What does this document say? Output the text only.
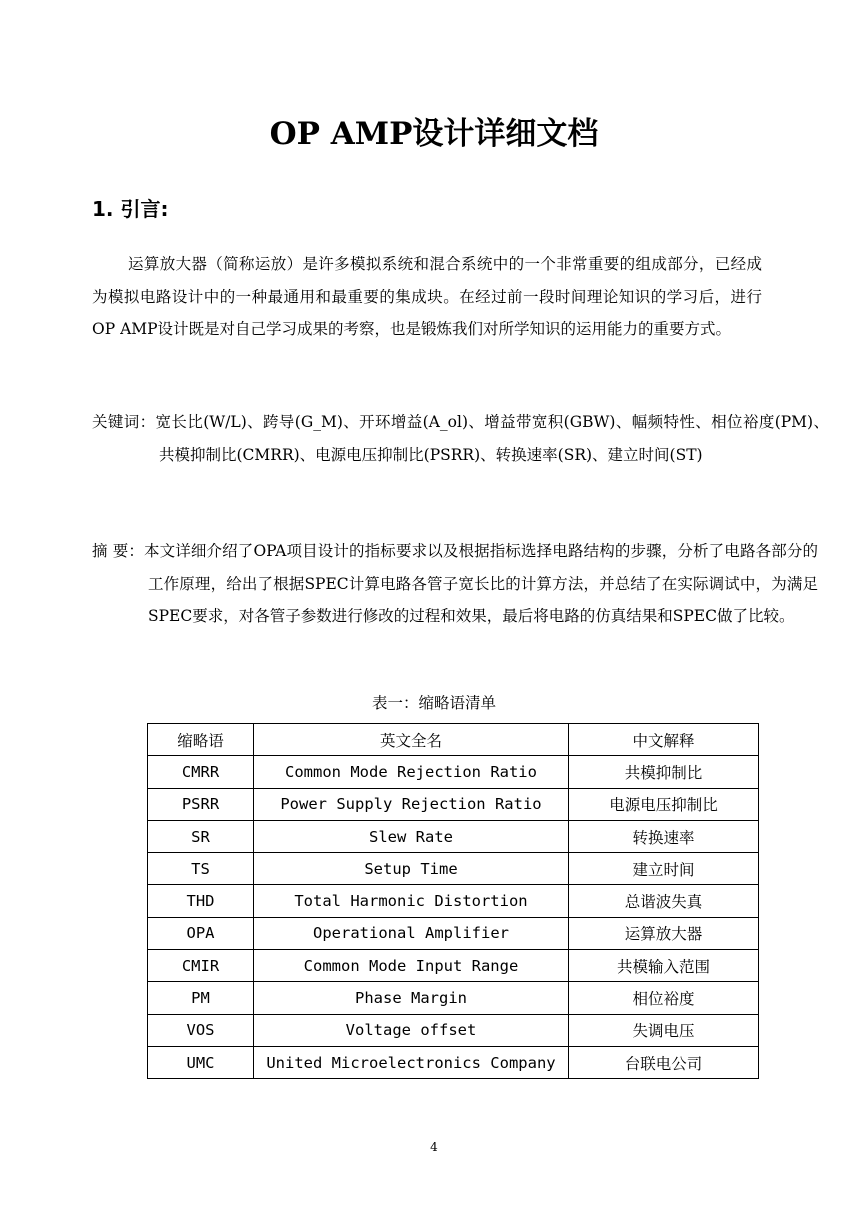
OP AMP设计详细文档
1. 引言:

运算放大器（简称运放）是许多模拟系统和混合系统中的一个非常重要的组成部分，已经成为模拟电路设计中的一种最通用和最重要的集成块。在经过前一段时间理论知识的学习后，进行OP AMP设计既是对自己学习成果的考察，也是锻炼我们对所学知识的运用能力的重要方式。

关键词：宽长比(W/L)、跨导(G_M)、开环增益(A_ol)、增益带宽积(GBW)、幅频特性、相位裕度(PM)、共模抑制比(CMRR)、电源电压抑制比(PSRR)、转换速率(SR)、建立时间(ST)

摘 要：本文详细介绍了OPA项目设计的指标要求以及根据指标选择电路结构的步骤，分析了电路各部分的工作原理，给出了根据SPEC计算电路各管子宽长比的计算方法，并总结了在实际调试中，为满足SPEC要求，对各管子参数进行修改的过程和效果，最后将电路的仿真结果和SPEC做了比较。

表一：缩略语清单
缩略语	英文全名	中文解释
CMRR	Common Mode Rejection Ratio	共模抑制比
PSRR	Power Supply Rejection Ratio	电源电压抑制比
SR	Slew Rate	转换速率
TS	Setup Time	建立时间
THD	Total Harmonic Distortion	总谐波失真
OPA	Operational Amplifier	运算放大器
CMIR	Common Mode Input Range	共模输入范围
PM	Phase Margin	相位裕度
VOS	Voltage offset	失调电压
UMC	United Microelectronics Company	台联电公司
4
